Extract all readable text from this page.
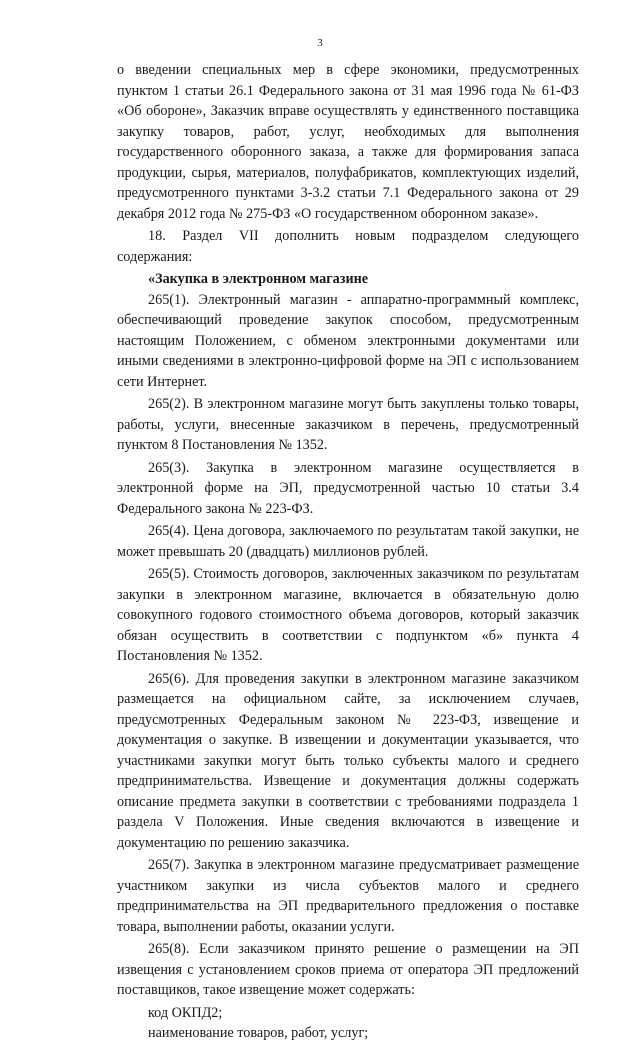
3

о введении специальных мер в сфере экономики, предусмотренных пунктом 1 статьи 26.1 Федерального закона от 31 мая 1996 года № 61-ФЗ «Об обороне», Заказчик вправе осуществлять у единственного поставщика закупку товаров, работ, услуг, необходимых для выполнения государственного оборонного заказа, а также для формирования запаса продукции, сырья, материалов, полуфабрикатов, комплектующих изделий, предусмотренного пунктами 3-3.2 статьи 7.1 Федерального закона от 29 декабря 2012 года № 275-ФЗ «О государственном оборонном заказе».

18. Раздел VII дополнить новым подразделом следующего содержания:

«Закупка в электронном магазине

265(1). Электронный магазин - аппаратно-программный комплекс, обеспечивающий проведение закупок способом, предусмотренным настоящим Положением, с обменом электронными документами или иными сведениями в электронно-цифровой форме на ЭП с использованием сети Интернет.

265(2). В электронном магазине могут быть закуплены только товары, работы, услуги, внесенные заказчиком в перечень, предусмотренный пунктом 8 Постановления № 1352.

265(3). Закупка в электронном магазине осуществляется в электронной форме на ЭП, предусмотренной частью 10 статьи 3.4 Федерального закона № 223-ФЗ.

265(4). Цена договора, заключаемого по результатам такой закупки, не может превышать 20 (двадцать) миллионов рублей.

265(5). Стоимость договоров, заключенных заказчиком по результатам закупки в электронном магазине, включается в обязательную долю совокупного годового стоимостного объема договоров, который заказчик обязан осуществить в соответствии с подпунктом «б» пункта 4 Постановления № 1352.

265(6). Для проведения закупки в электронном магазине заказчиком размещается на официальном сайте, за исключением случаев, предусмотренных Федеральным законом № 223-ФЗ, извещение и документация о закупке. В извещении и документации указывается, что участниками закупки могут быть только субъекты малого и среднего предпринимательства. Извещение и документация должны содержать описание предмета закупки в соответствии с требованиями подраздела 1 раздела V Положения. Иные сведения включаются в извещение и документацию по решению заказчика.

265(7). Закупка в электронном магазине предусматривает размещение участником закупки из числа субъектов малого и среднего предпринимательства на ЭП предварительного предложения о поставке товара, выполнении работы, оказании услуги.

265(8). Если заказчиком принято решение о размещении на ЭП извещения с установлением сроков приема от оператора ЭП предложений поставщиков, такое извещение может содержать:

код ОКПД2;

наименование товаров, работ, услуг;
